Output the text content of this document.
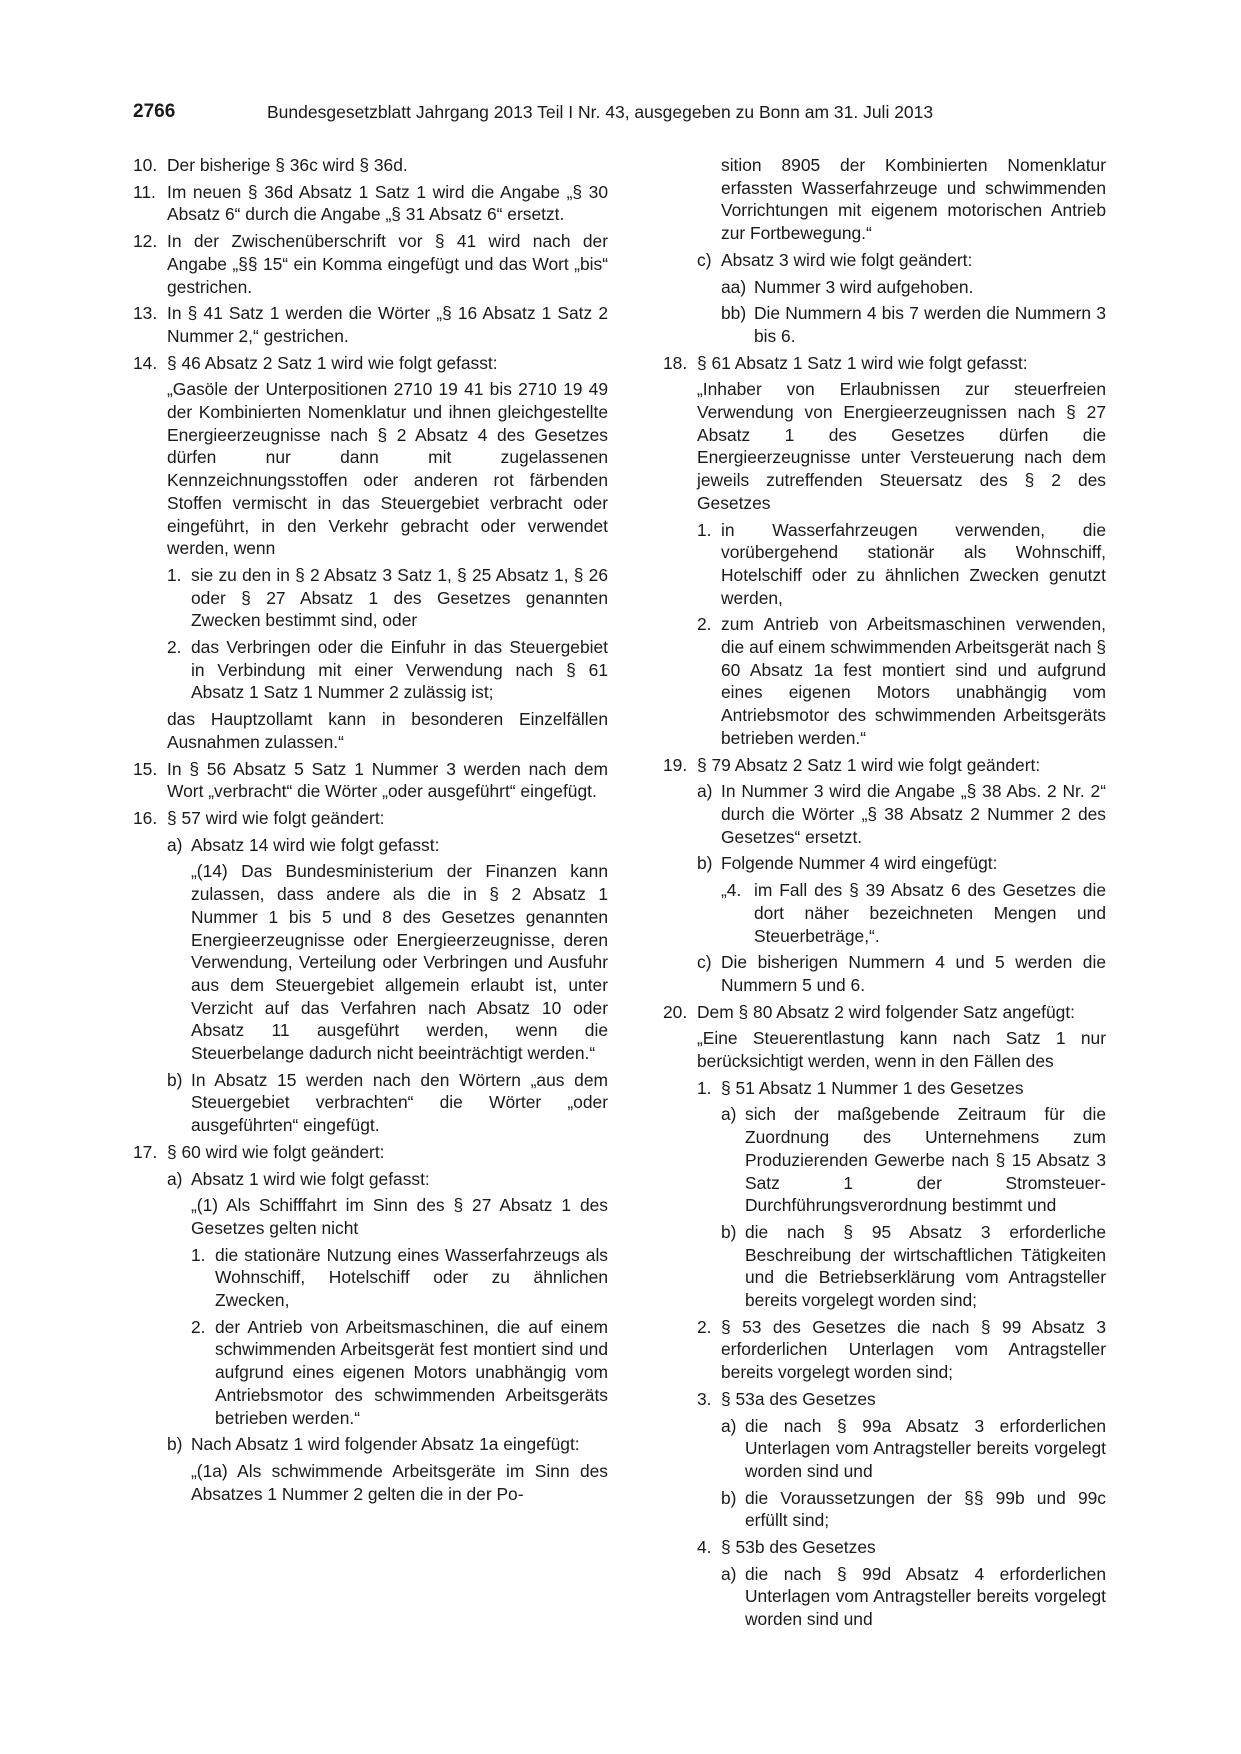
2766	Bundesgesetzblatt Jahrgang 2013 Teil I Nr. 43, ausgegeben zu Bonn am 31. Juli 2013
10. Der bisherige § 36c wird § 36d.
11. Im neuen § 36d Absatz 1 Satz 1 wird die Angabe „§ 30 Absatz 6“ durch die Angabe „§ 31 Absatz 6“ ersetzt.
12. In der Zwischenüberschrift vor § 41 wird nach der Angabe „§§ 15“ ein Komma eingefügt und das Wort „bis“ gestrichen.
13. In § 41 Satz 1 werden die Wörter „§ 16 Absatz 1 Satz 2 Nummer 2,“ gestrichen.
14. § 46 Absatz 2 Satz 1 wird wie folgt gefasst:

„Gasöle der Unterpositionen 2710 19 41 bis 2710 19 49 der Kombinierten Nomenklatur und ihnen gleichgestellte Energieerzeugnisse nach § 2 Absatz 4 des Gesetzes dürfen nur dann mit zugelassenen Kennzeichnungsstoffen oder anderen rot färbenden Stoffen vermischt in das Steuergebiet verbracht oder eingeführt, in den Verkehr gebracht oder verwendet werden, wenn

1. sie zu den in § 2 Absatz 3 Satz 1, § 25 Absatz 1, § 26 oder § 27 Absatz 1 des Gesetzes genannten Zwecken bestimmt sind, oder
2. das Verbringen oder die Einfuhr in das Steuergebiet in Verbindung mit einer Verwendung nach § 61 Absatz 1 Satz 1 Nummer 2 zulässig ist;

das Hauptzollamt kann in besonderen Einzelfällen Ausnahmen zulassen.“

15. In § 56 Absatz 5 Satz 1 Nummer 3 werden nach dem Wort „verbracht“ die Wörter „oder ausgeführt“ eingefügt.
16. § 57 wird wie folgt geändert:
a) Absatz 14 wird wie folgt gefasst:

„(14) Das Bundesministerium der Finanzen kann zulassen, dass andere als die in § 2 Absatz 1 Nummer 1 bis 5 und 8 des Gesetzes genannten Energieerzeugnisse oder Energieerzeugnisse, deren Verwendung, Verteilung oder Verbringen und Ausfuhr aus dem Steuergebiet allgemein erlaubt ist, unter Verzicht auf das Verfahren nach Absatz 10 oder Absatz 11 ausgeführt werden, wenn die Steuerbelange dadurch nicht beeinträchtigt werden.“

b) In Absatz 15 werden nach den Wörtern „aus dem Steuergebiet verbrachten“ die Wörter „oder ausgeführten“ eingefügt.
17. § 60 wird wie folgt geändert:
a) Absatz 1 wird wie folgt gefasst:

„(1) Als Schifffahrt im Sinn des § 27 Absatz 1 des Gesetzes gelten nicht

1. die stationäre Nutzung eines Wasserfahrzeugs als Wohnschiff, Hotelschiff oder zu ähnlichen Zwecken,
2. der Antrieb von Arbeitsmaschinen, die auf einem schwimmenden Arbeitsgerät fest montiert sind und aufgrund eines eigenen Motors unabhängig vom Antriebsmotor des schwimmenden Arbeitsgeräts betrieben werden.“
b) Nach Absatz 1 wird folgender Absatz 1a eingefügt:

„(1a) Als schwimmende Arbeitsgeräte im Sinn des Absatzes 1 Nummer 2 gelten die in der Po-

sition 8905 der Kombinierten Nomenklatur erfassten Wasserfahrzeuge und schwimmenden Vorrichtungen mit eigenem motorischen Antrieb zur Fortbewegung.“

c) Absatz 3 wird wie folgt geändert:
aa) Nummer 3 wird aufgehoben.
bb) Die Nummern 4 bis 7 werden die Nummern 3 bis 6.
18. § 61 Absatz 1 Satz 1 wird wie folgt gefasst:

„Inhaber von Erlaubnissen zur steuerfreien Verwendung von Energieerzeugnissen nach § 27 Absatz 1 des Gesetzes dürfen die Energieerzeugnisse unter Versteuerung nach dem jeweils zutreffenden Steuersatz des § 2 des Gesetzes

1. in Wasserfahrzeugen verwenden, die vorübergehend stationär als Wohnschiff, Hotelschiff oder zu ähnlichen Zwecken genutzt werden,
2. zum Antrieb von Arbeitsmaschinen verwenden, die auf einem schwimmenden Arbeitsgerät nach § 60 Absatz 1a fest montiert sind und aufgrund eines eigenen Motors unabhängig vom Antriebsmotor des schwimmenden Arbeitsgeräts betrieben werden.“
19. § 79 Absatz 2 Satz 1 wird wie folgt geändert:
a) In Nummer 3 wird die Angabe „§ 38 Abs. 2 Nr. 2“ durch die Wörter „§ 38 Absatz 2 Nummer 2 des Gesetzes“ ersetzt.
b) Folgende Nummer 4 wird eingefügt:
„4. im Fall des § 39 Absatz 6 des Gesetzes die dort näher bezeichneten Mengen und Steuerbeträge,“.
c) Die bisherigen Nummern 4 und 5 werden die Nummern 5 und 6.
20. Dem § 80 Absatz 2 wird folgender Satz angefügt:

„Eine Steuerentlastung kann nach Satz 1 nur berücksichtigt werden, wenn in den Fällen des

1. § 51 Absatz 1 Nummer 1 des Gesetzes
a) sich der maßgebende Zeitraum für die Zuordnung des Unternehmens zum Produzierenden Gewerbe nach § 15 Absatz 3 Satz 1 der Stromsteuer-Durchführungsverordnung bestimmt und
b) die nach § 95 Absatz 3 erforderliche Beschreibung der wirtschaftlichen Tätigkeiten und die Betriebserklärung vom Antragsteller bereits vorgelegt worden sind;
2. § 53 des Gesetzes die nach § 99 Absatz 3 erforderlichen Unterlagen vom Antragsteller bereits vorgelegt worden sind;
3. § 53a des Gesetzes
a) die nach § 99a Absatz 3 erforderlichen Unterlagen vom Antragsteller bereits vorgelegt worden sind und
b) die Voraussetzungen der §§ 99b und 99c erfüllt sind;
4. § 53b des Gesetzes
a) die nach § 99d Absatz 4 erforderlichen Unterlagen vom Antragsteller bereits vorgelegt worden sind und
